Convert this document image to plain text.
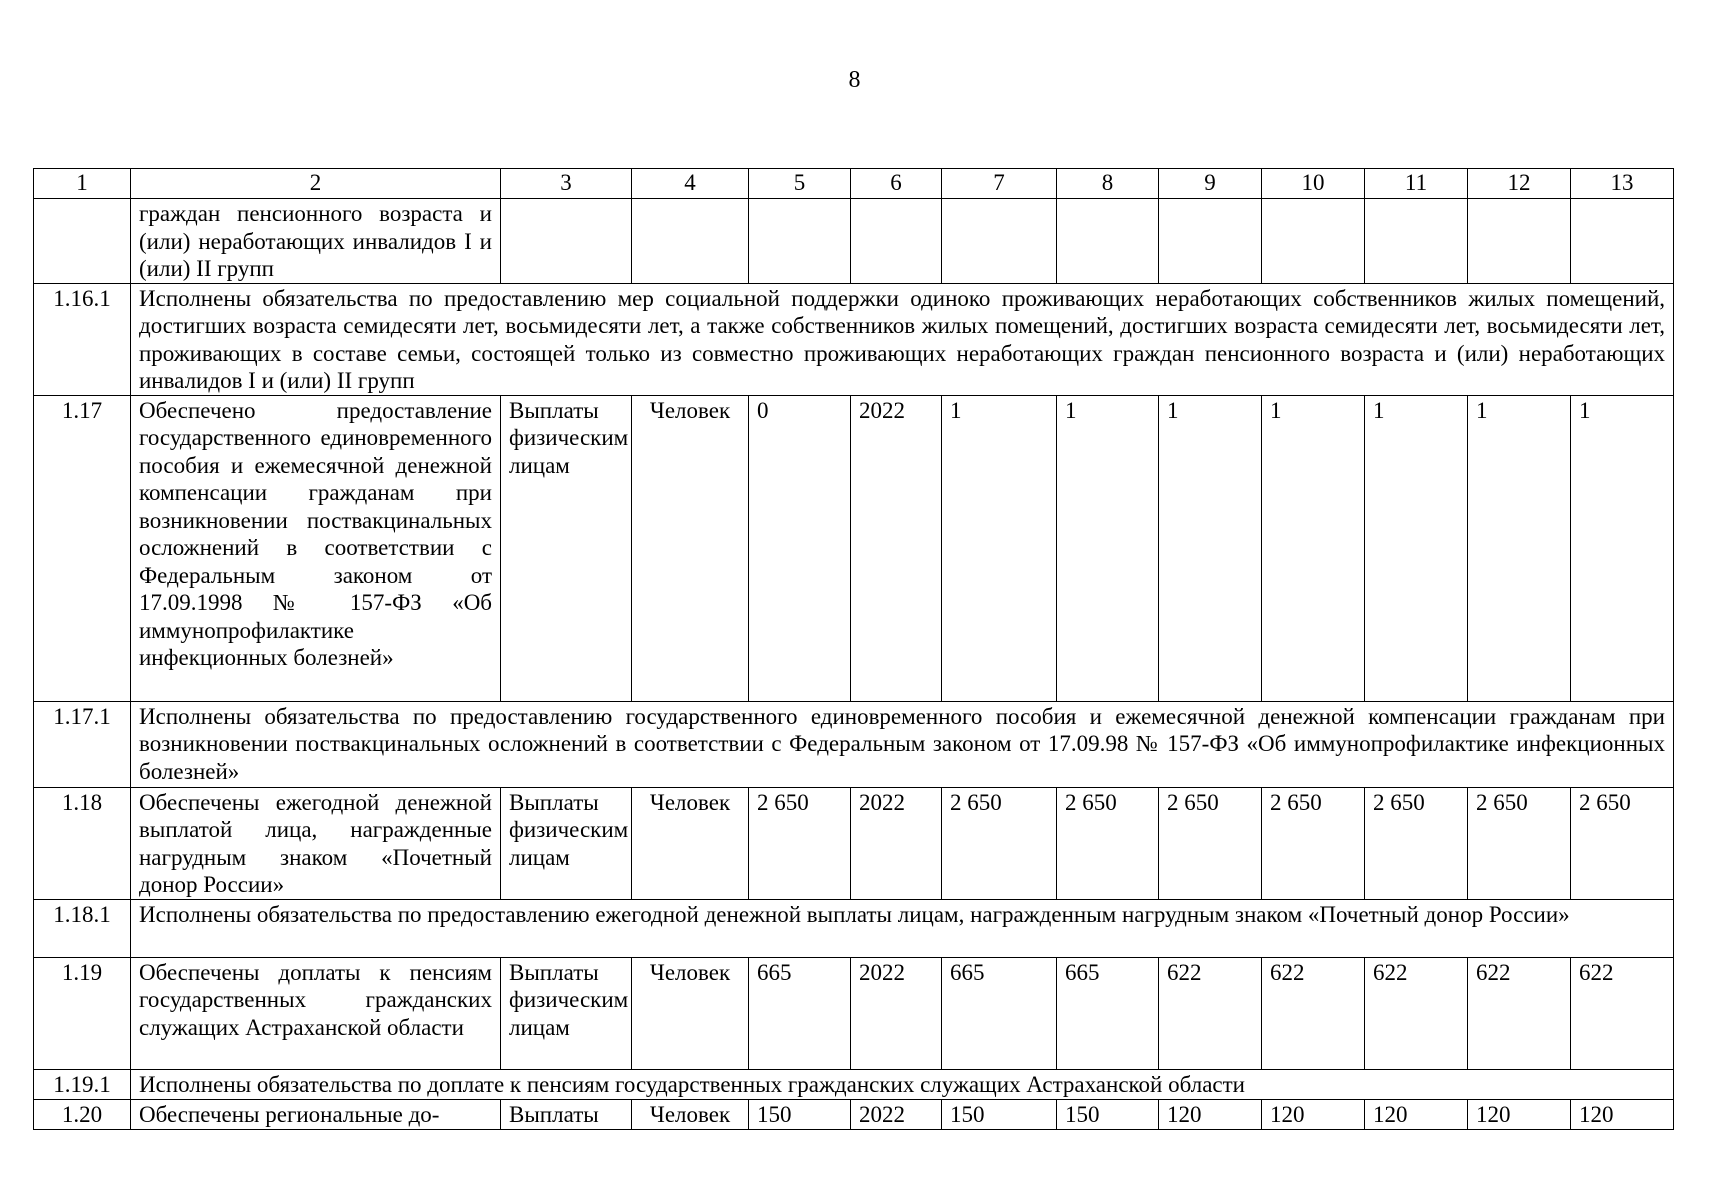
8
1	2	3	4	5	6	7	8	9	10	11	12	13
	граждан пенсионного возраста и (или) неработающих инвалидов I и (или) II групп											
1.16.1	Исполнены обязательства по предоставлению мер социальной поддержки одиноко проживающих неработающих собственников жилых помещений, достигших возраста семидесяти лет, восьмидесяти лет, а также собственников жилых помещений, достигших возраста семидесяти лет, восьмидесяти лет, проживающих в составе семьи, состоящей только из совместно проживающих неработающих граждан пенсионного возраста и (или) неработающих инвалидов I и (или) II групп											
1.17	Обеспечено предоставление государственного единовременного пособия и ежемесячной денежной компенсации гражданам при возникновении поствакцинальных осложнений в соответствии с Федеральным законом от 17.09.1998 № 157-ФЗ «Об иммунопрофилактике инфекционных болезней»	Выплаты физическим лицам	Человек	0	2022	1	1	1	1	1	1	1
1.17.1	Исполнены обязательства по предоставлению государственного единовременного пособия и ежемесячной денежной компенсации гражданам при возникновении поствакцинальных осложнений в соответствии с Федеральным законом от 17.09.98 № 157-ФЗ «Об иммунопрофилактике инфекционных болезней»											
1.18	Обеспечены ежегодной денежной выплатой лица, награжденные нагрудным знаком «Почетный донор России»	Выплаты физическим лицам	Человек	2 650	2022	2 650	2 650	2 650	2 650	2 650	2 650	2 650
1.18.1	Исполнены обязательства по предоставлению ежегодной денежной выплаты лицам, награжденным нагрудным знаком «Почетный донор России»											
1.19	Обеспечены доплаты к пенсиям государственных гражданских служащих Астраханской области	Выплаты физическим лицам	Человек	665	2022	665	665	622	622	622	622	622
1.19.1	Исполнены обязательства по доплате к пенсиям государственных гражданских служащих Астраханской области											
1.20	Обеспечены региональные до-	Выплаты	Человек	150	2022	150	150	120	120	120	120	120
